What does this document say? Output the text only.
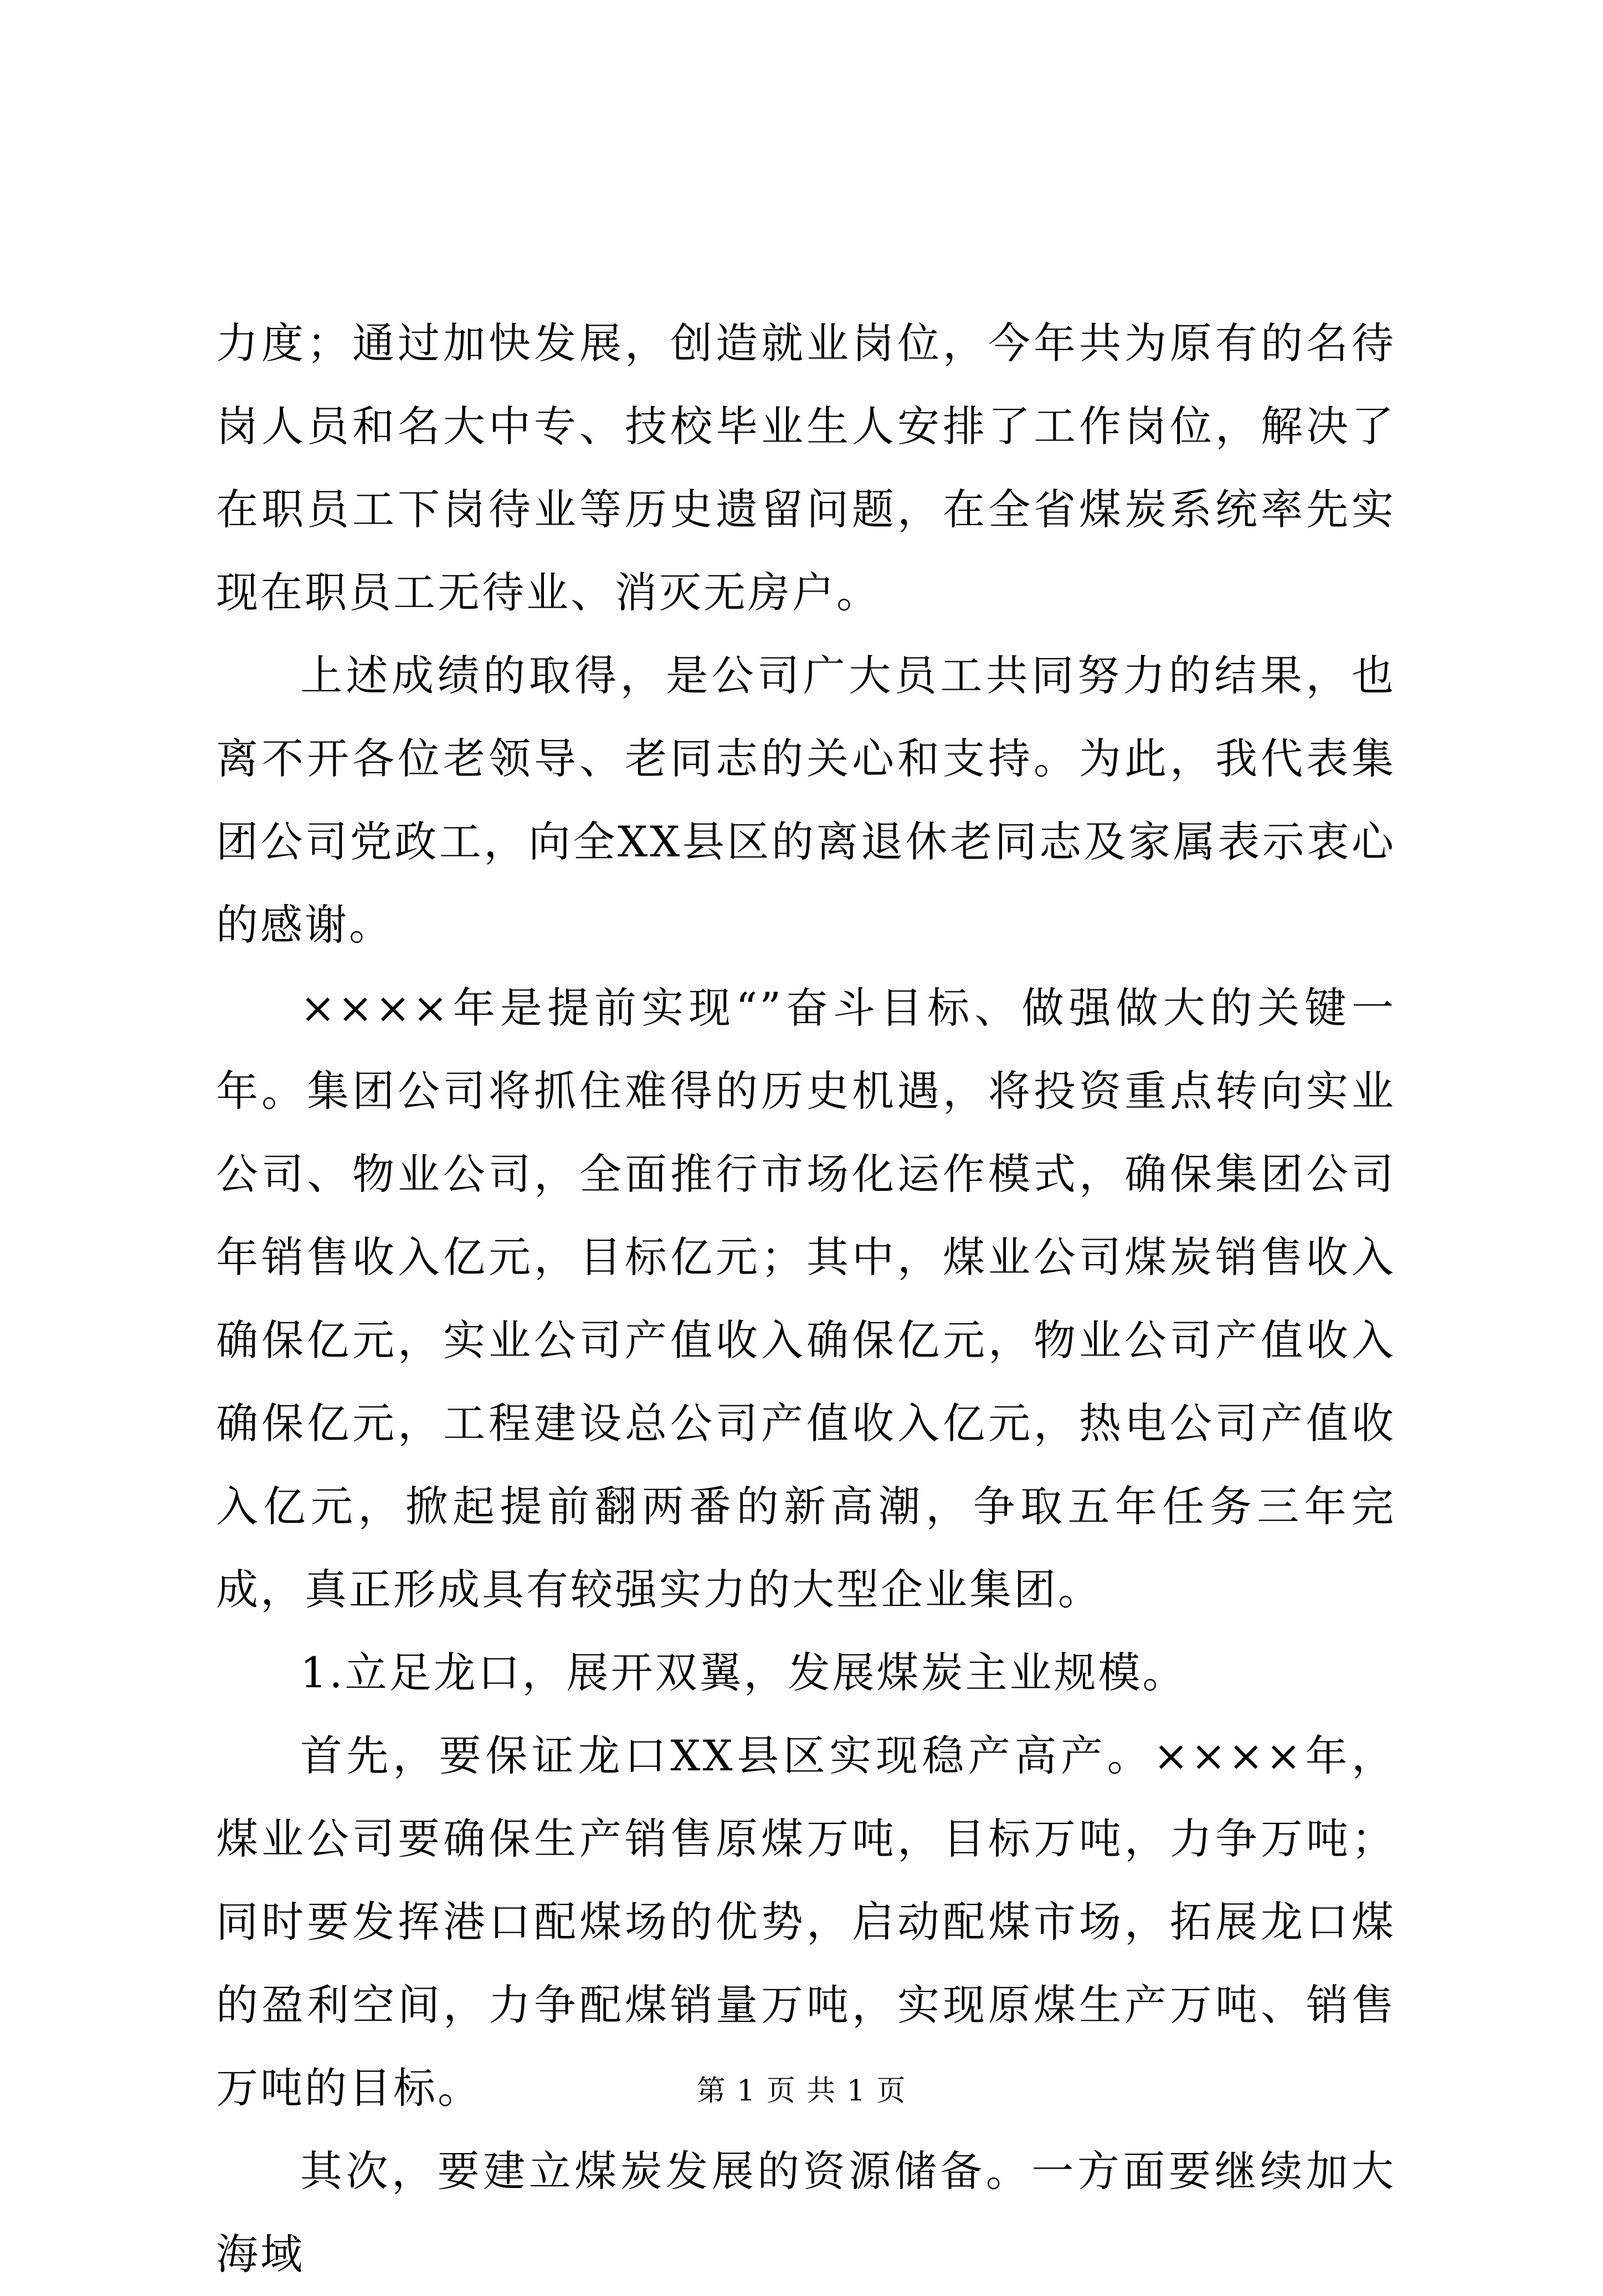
力度；通过加快发展，创造就业岗位，今年共为原有的名待岗人员和名大中专、技校毕业生人安排了工作岗位，解决了在职员工下岗待业等历史遗留问题，在全省煤炭系统率先实现在职员工无待业、消灭无房户。

上述成绩的取得，是公司广大员工共同努力的结果，也离不开各位老领导、老同志的关心和支持。为此，我代表集团公司党政工，向全XX县区的离退休老同志及家属表示衷心的感谢。

××××年是提前实现“”奋斗目标、做强做大的关键一年。集团公司将抓住难得的历史机遇，将投资重点转向实业公司、物业公司，全面推行市场化运作模式，确保集团公司年销售收入亿元，目标亿元；其中，煤业公司煤炭销售收入确保亿元，实业公司产值收入确保亿元，物业公司产值收入确保亿元，工程建设总公司产值收入亿元，热电公司产值收入亿元，掀起提前翻两番的新高潮，争取五年任务三年完成，真正形成具有较强实力的大型企业集团。

1.立足龙口，展开双翼，发展煤炭主业规模。

首先，要保证龙口XX县区实现稳产高产。××××年，煤业公司要确保生产销售原煤万吨，目标万吨，力争万吨；同时要发挥港口配煤场的优势，启动配煤市场，拓展龙口煤的盈利空间，力争配煤销量万吨，实现原煤生产万吨、销售万吨的目标。

其次，要建立煤炭发展的资源储备。一方面要继续加大海域

第 1 页 共 1 页
